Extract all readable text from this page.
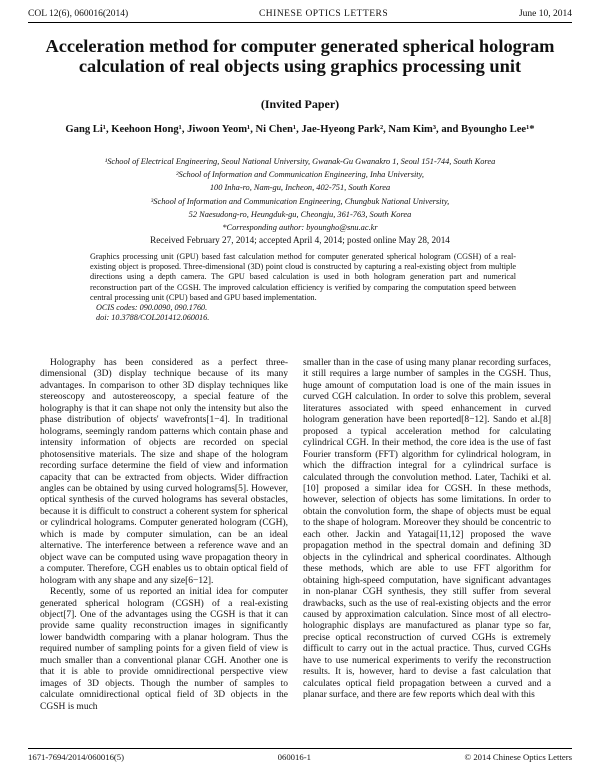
COL 12(6), 060016(2014)	CHINESE OPTICS LETTERS	June 10, 2014
Acceleration method for computer generated spherical hologram calculation of real objects using graphics processing unit
(Invited Paper)
Gang Li¹, Keehoon Hong¹, Jiwoon Yeom¹, Ni Chen¹, Jae-Hyeong Park², Nam Kim³, and Byoungho Lee¹*
¹School of Electrical Engineering, Seoul National University, Gwanak-Gu Gwanakro 1, Seoul 151-744, South Korea
²School of Information and Communication Engineering, Inha University,
100 Inha-ro, Nam-gu, Incheon, 402-751, South Korea
³School of Information and Communication Engineering, Chungbuk National University,
52 Naesudong-ro, Heungduk-gu, Cheongju, 361-763, South Korea
*Corresponding author: byoungho@snu.ac.kr
Received February 27, 2014; accepted April 4, 2014; posted online May 28, 2014
Graphics processing unit (GPU) based fast calculation method for computer generated spherical hologram (CGSH) of a real-existing object is proposed. Three-dimensional (3D) point cloud is constructed by capturing a real-existing object from multiple directions using a depth camera. The GPU based calculation is used in both hologram generation part and numerical reconstruction part of the CGSH. The improved calculation efficiency is verified by comparing the computation speed between central processing unit (CPU) based and GPU based implementation.
OCIS codes: 090.0090, 090.1760.
doi: 10.3788/COL201412.060016.

Holography has been considered as a perfect three-dimensional (3D) display technique because of its many advantages. In comparison to other 3D display techniques like stereoscopy and autostereoscopy, a special feature of the holography is that it can shape not only the intensity but also the phase distribution of objects' wavefronts[1−4]. In traditional holograms, seemingly random patterns which contain phase and intensity information of objects are recorded on special photosensitive materials. The size and shape of the hologram recording surface determine the field of view and information capacity that can be extracted from objects. Wider diffraction angles can be obtained by using curved holograms[5]. However, optical synthesis of the curved holograms has several obstacles, because it is difficult to construct a coherent system for spherical or cylindrical holograms. Computer generated hologram (CGH), which is made by computer simulation, can be an ideal alternative. The interference between a reference wave and an object wave can be computed using wave propagation theory in a computer. Therefore, CGH enables us to obtain optical field of hologram with any shape and any size[6−12].

Recently, some of us reported an initial idea for computer generated spherical hologram (CGSH) of a real-existing object[7]. One of the advantages using the CGSH is that it can provide same quality reconstruction images in significantly lower bandwidth comparing with a planar hologram. Thus the required number of sampling points for a given field of view is much smaller than a conventional planar CGH. Another one is that it is able to provide omnidirectional perspective view images of 3D objects. Though the number of samples to calculate omnidirectional optical field of 3D objects in the CGSH is much

smaller than in the case of using many planar recording surfaces, it still requires a large number of samples in the CGSH. Thus, huge amount of computation load is one of the main issues in curved CGH calculation. In order to solve this problem, several literatures associated with speed enhancement in curved hologram generation have been reported[8−12]. Sando et al.[8] proposed a typical acceleration method for calculating cylindrical CGH. In their method, the core idea is the use of fast Fourier transform (FFT) algorithm for cylindrical hologram, in which the diffraction integral for a cylindrical surface is calculated through the convolution method. Later, Tachiki et al.[10] proposed a similar idea for CGSH. In these methods, however, selection of objects has some limitations. In order to obtain the convolution form, the shape of objects must be equal to the shape of hologram. Moreover they should be concentric to each other. Jackin and Yatagai[11,12] proposed the wave propagation method in the spectral domain and defining 3D objects in the cylindrical and spherical coordinates. Although these methods, which are able to use FFT algorithm for obtaining high-speed computation, have significant advantages in non-planar CGH synthesis, they still suffer from several drawbacks, such as the use of real-existing objects and the error caused by approximation calculation. Since most of all electro-holographic displays are manufactured as planar type so far, precise optical reconstruction of curved CGHs is extremely difficult to carry out in the actual practice. Thus, curved CGHs have to use numerical experiments to verify the reconstruction results. It is, however, hard to devise a fast calculation that calculates optical field propagation between a curved and a planar surface, and there are few reports which deal with this

1671-7694/2014/060016(5)	060016-1	© 2014 Chinese Optics Letters
